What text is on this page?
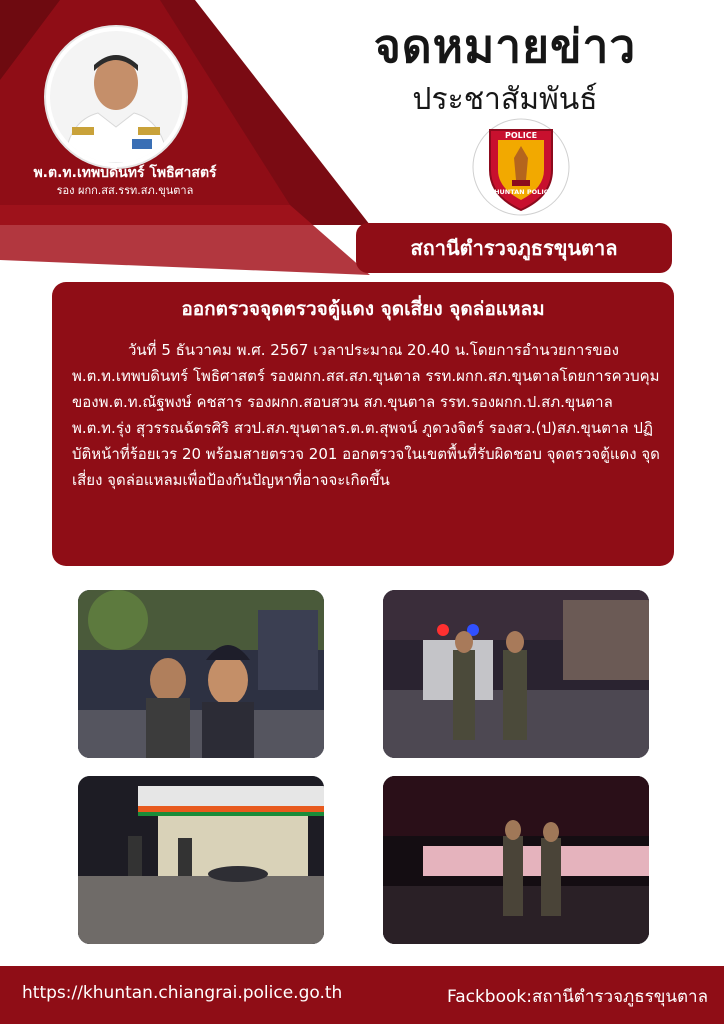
พ.ต.ท.เทพบดินทร์ โพธิศาสตร์
รอง ผกก.สส.รรท.สภ.ขุนตาล
จดหมายข่าว
ประชาสัมพันธ์
POLICE
KHUNTAN POLICE
สถานีตำรวจภูธรขุนตาล
ออกตรวจจุดตรวจตู้แดง จุดเสี่ยง จุดล่อแหลม
วันที่ 5 ธันวาคม พ.ศ. 2567 เวลาประมาณ 20.40 น.โดยการอำนวยการของพ.ต.ท.เทพบดินทร์ โพธิศาสตร์ รองผกก.สส.สภ.ขุนตาล รรท.ผกก.สภ.ขุนตาลโดยการควบคุมของพ.ต.ท.ณัฐพงษ์ คชสาร รองผกก.สอบสวน สภ.ขุนตาล รรท.รองผกก.ป.สภ.ขุนตาล พ.ต.ท.รุ่ง สุวรรณฉัตรศิริ สวป.สภ.ขุนตาลร.ต.ต.สุพจน์ ภูดวงจิตร์ รองสว.(ป)สภ.ขุนตาล ปฏิบัติหน้าที่ร้อยเวร 20 พร้อมสายตรวจ 201 ออกตรวจในเขตพื้นที่รับผิดชอบ จุดตรวจตู้แดง จุดเสี่ยง จุดล่อแหลมเพื่อป้องกันปัญหาที่อาจจะเกิดขึ้น
https://khuntan.chiangrai.police.go.th	Fackbook:สถานีตำรวจภูธรขุนตาล
